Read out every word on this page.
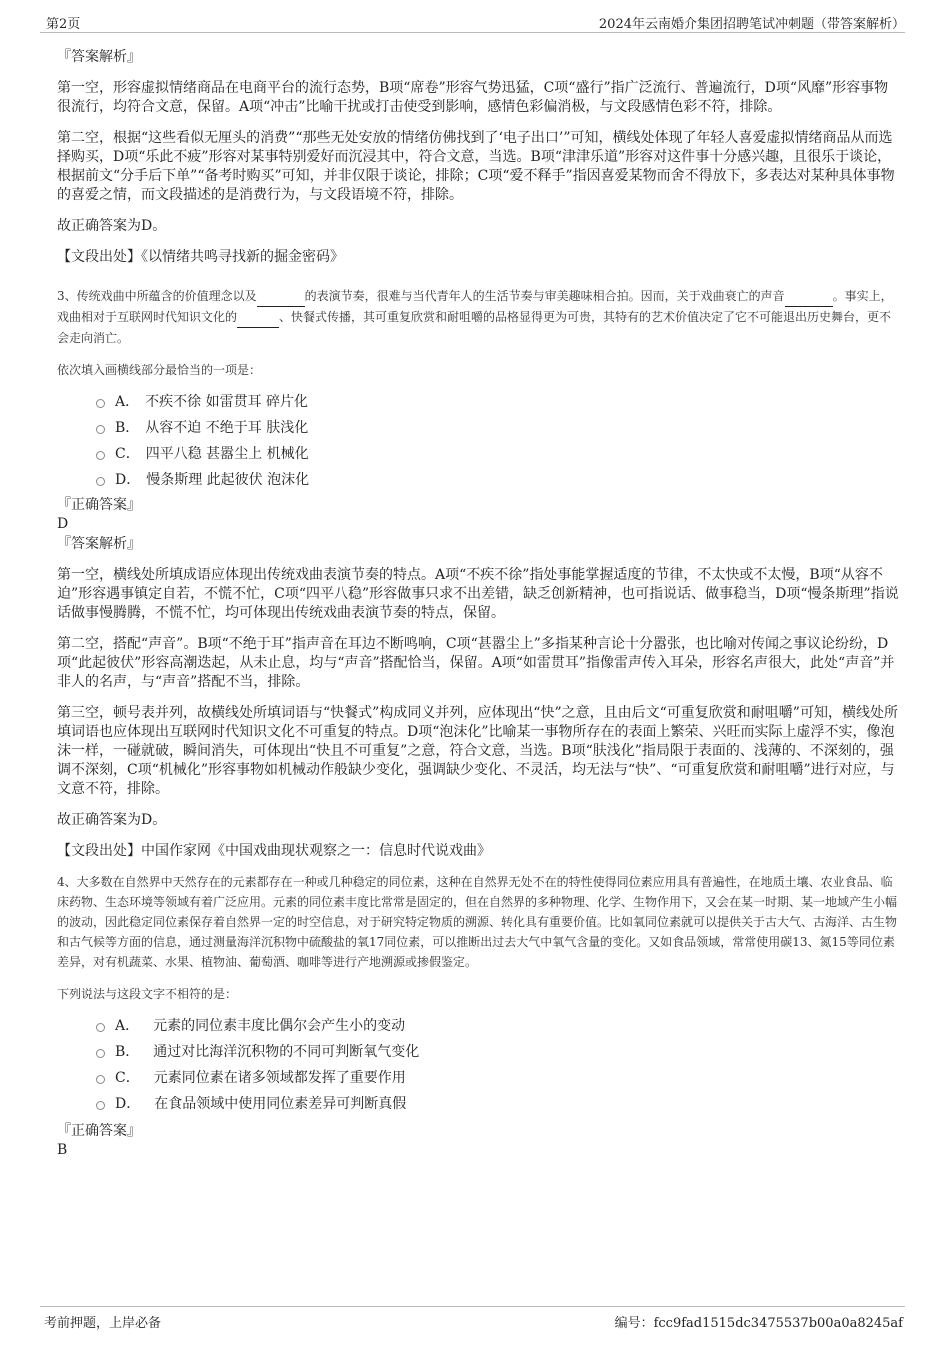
第2页	2024年云南婚介集团招聘笔试冲刺题（带答案解析）
『答案解析』
第一空，形容虚拟情绪商品在电商平台的流行态势，B项“席卷”形容气势迅猛，C项“盛行”指广泛流行、普遍流行，D项“风靡”形容事物很流行，均符合文意，保留。A项“冲击”比喻干扰或打击使受到影响，感情色彩偏消极，与文段感情色彩不符，排除。
第二空，根据“这些看似无厘头的消费”“那些无处安放的情绪仿佛找到了‘电子出口’”可知，横线处体现了年轻人喜爱虚拟情绪商品从而选择购买，D项“乐此不疲”形容对某事特别爱好而沉浸其中，符合文意，当选。B项“津津乐道”形容对这件事十分感兴趣，且很乐于谈论，根据前文“分手后下单”“备考时购买”可知，并非仅限于谈论，排除；C项“爱不释手”指因喜爱某物而舍不得放下，多表达对某种具体事物的喜爱之情，而文段描述的是消费行为，与文段语境不符，排除。
故正确答案为D。
【文段出处】《以情绪共鸣寻找新的掘金密码》
3、传统戏曲中所蕴含的价值理念以及	的表演节奏，很难与当代青年人的生活节奏与审美趣味相合拍。因而，关于戏曲衰亡的声音	。事实上，戏曲相对于互联网时代知识文化的	、快餐式传播，其可重复欣赏和耐咀嚼的品格显得更为可贵，其特有的艺术价值决定了它不可能退出历史舞台，更不会走向消亡。
依次填入画横线部分最恰当的一项是：
A． 不疾不徐 如雷贯耳 碎片化
B． 从容不迫 不绝于耳 肤浅化
C． 四平八稳 甚嚣尘上 机械化
D． 慢条斯理 此起彼伏 泡沫化
『正确答案』
D
『答案解析』
第一空，横线处所填成语应体现出传统戏曲表演节奏的特点。A项“不疾不徐”指处事能掌握适度的节律，不太快或不太慢，B项“从容不迫”形容遇事镇定自若，不慌不忙，C项“四平八稳”形容做事只求不出差错，缺乏创新精神，也可指说话、做事稳当，D项“慢条斯理”指说话做事慢腾腾，不慌不忙，均可体现出传统戏曲表演节奏的特点，保留。
第二空，搭配“声音”。B项“不绝于耳”指声音在耳边不断鸣响，C项“甚嚣尘上”多指某种言论十分嚣张，也比喻对传闻之事议论纷纷，D项“此起彼伏”形容高潮迭起，从未止息，均与“声音”搭配恰当，保留。A项“如雷贯耳”指像雷声传入耳朵，形容名声很大，此处“声音”并非人的名声，与“声音”搭配不当，排除。
第三空，顿号表并列，故横线处所填词语与“快餐式”构成同义并列，应体现出“快”之意，且由后文“可重复欣赏和耐咀嚼”可知，横线处所填词语也应体现出互联网时代知识文化不可重复的特点。D项“泡沫化”比喻某一事物所存在的表面上繁荣、兴旺而实际上虚浮不实，像泡沫一样，一碰就破，瞬间消失，可体现出“快且不可重复”之意，符合文意，当选。B项“肤浅化”指局限于表面的、浅薄的、不深刻的，强调不深刻，C项“机械化”形容事物如机械动作般缺少变化，强调缺少变化、不灵活，均无法与“快”、“可重复欣赏和耐咀嚼”进行对应，与文意不符，排除。
故正确答案为D。
【文段出处】中国作家网《中国戏曲现状观察之一：信息时代说戏曲》
4、大多数在自然界中天然存在的元素都存在一种或几种稳定的同位素，这种在自然界无处不在的特性使得同位素应用具有普遍性，在地质土壤、农业食品、临床药物、生态环境等领域有着广泛应用。元素的同位素丰度比常常是固定的，但在自然界的多种物理、化学、生物作用下，又会在某一时期、某一地域产生小幅的波动，因此稳定同位素保存着自然界一定的时空信息，对于研究特定物质的溯源、转化具有重要价值。比如氧同位素就可以提供关于古大气、古海洋、古生物和古气候等方面的信息，通过测量海洋沉积物中硫酸盐的氧17同位素，可以推断出过去大气中氧气含量的变化。又如食品领域，常常使用碳13、氮15等同位素差异，对有机蔬菜、水果、植物油、葡萄酒、咖啡等进行产地溯源或掺假鉴定。
下列说法与这段文字不相符的是：
A． 元素的同位素丰度比偶尔会产生小的变动
B． 通过对比海洋沉积物的不同可判断氧气变化
C． 元素同位素在诸多领域都发挥了重要作用
D． 在食品领域中使用同位素差异可判断真假
『正确答案』
B
考前押题，上岸必备	编号：fcc9fad1515dc3475537b00a0a8245af
